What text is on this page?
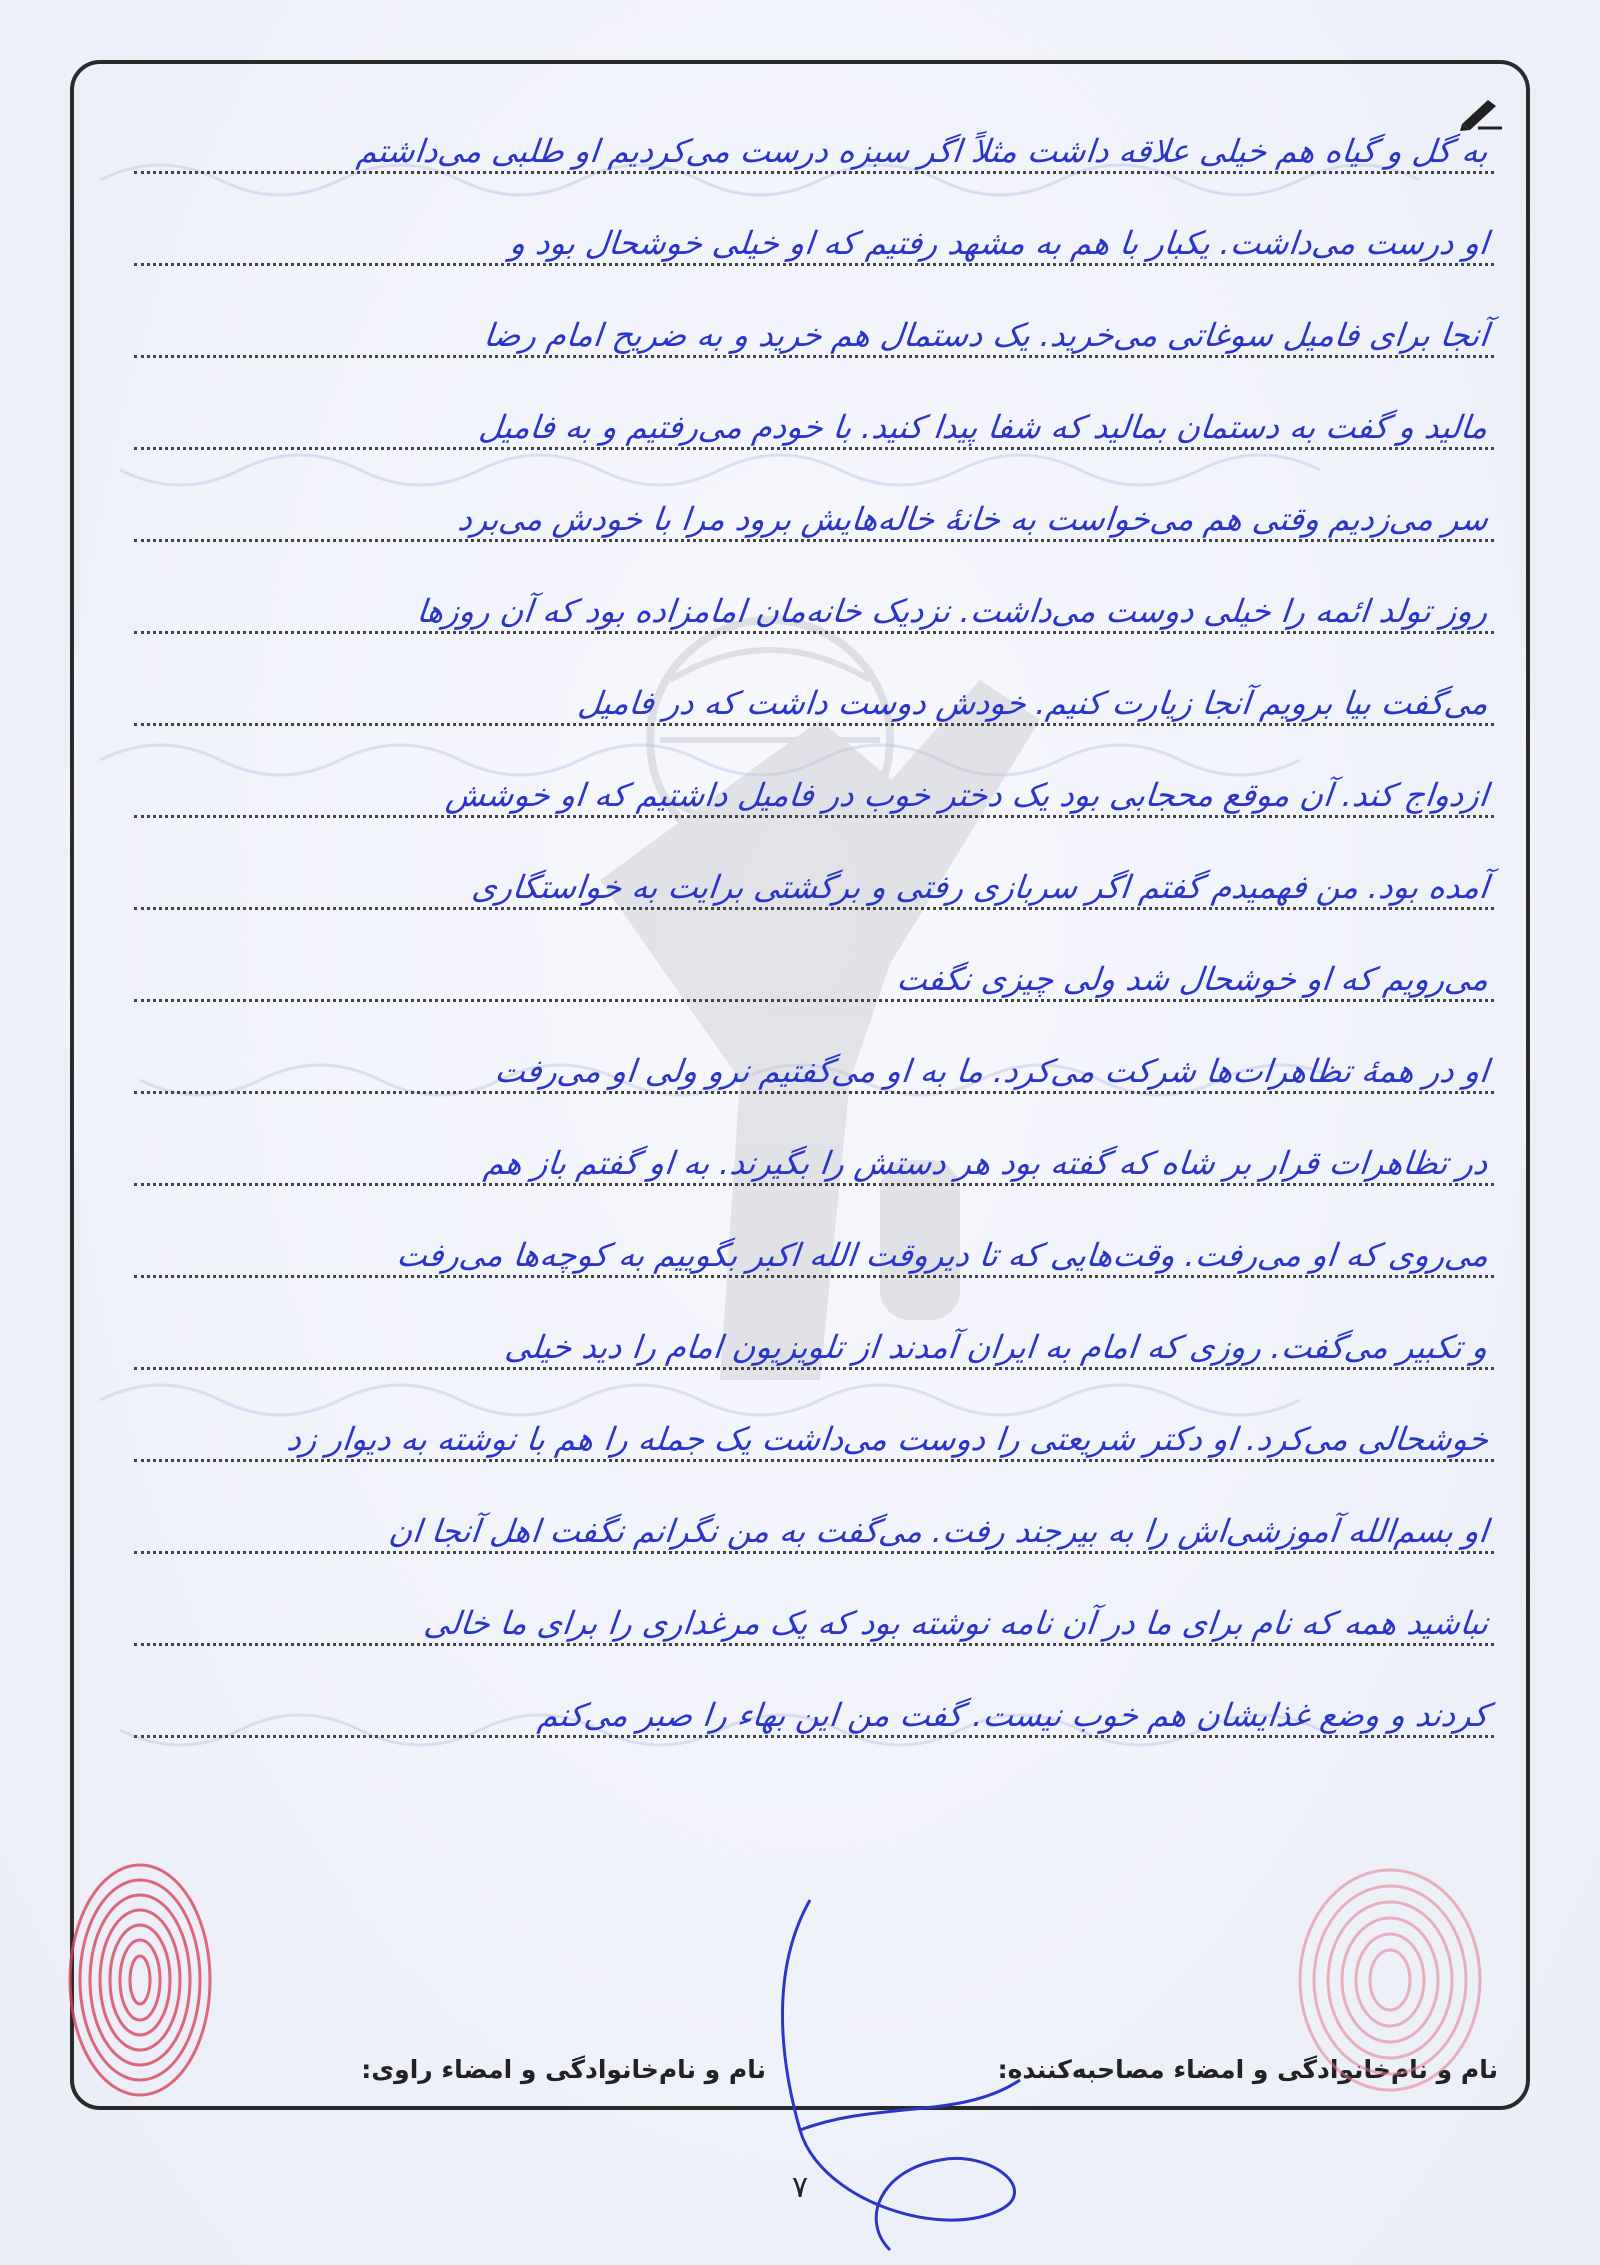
به گل و گیاه هم خیلی علاقه داشت مثلاً اگر سبزه درست می‌کردیم او طلبی می‌داشتم
او درست می‌داشت. یکبار با هم به مشهد رفتیم که او خیلی خوشحال بود و
آنجا برای فامیل سوغاتی می‌خرید. یک دستمال هم خرید و به ضریح امام رضا
مالید و گفت به دستمان بمالید که شفا پیدا کنید. با خودم می‌رفتیم و به فامیل
سر می‌زدیم وقتی هم می‌خواست به خانهٔ خاله‌هایش برود مرا با خودش می‌برد
روز تولد ائمه را خیلی دوست می‌داشت. نزدیک خانه‌مان امامزاده بود که آن روزها
می‌گفت بیا برویم آنجا زیارت کنیم. خودش دوست داشت که در فامیل
ازدواج کند. آن موقع محجابی بود یک دختر خوب در فامیل داشتیم که او خوشش
آمده بود. من فهمیدم گفتم اگر سربازی رفتی و برگشتی برایت به خواستگاری
می‌رویم که او خوشحال شد ولی چیزی نگفت
او در همهٔ تظاهرات‌ها شرکت می‌کرد. ما به او می‌گفتیم نرو ولی او می‌رفت
در تظاهرات قرار بر شاه که گفته بود هر دستش را بگیرند. به او گفتم باز هم
می‌روی که او می‌رفت. وقت‌هایی که تا دیروقت الله اکبر بگوییم به کوچه‌ها می‌رفت
و تکبیر می‌گفت. روزی که امام به ایران آمدند از تلویزیون امام را دید خیلی
خوشحالی می‌کرد. او دکتر شریعتی را دوست می‌داشت یک جمله را هم با نوشته به دیوار زد
او بسم‌الله آموزشی‌اش را به بیرجند رفت. می‌گفت به من نگرانم نگفت اهل آنجا ان
نباشید همه که نام برای ما در آن نامه نوشته بود که یک مرغداری را برای ما خالی
کردند و وضع غذایشان هم خوب نیست. گفت من این بهاء را صبر می‌کنم
نام و نام‌خانوادگی و امضاء مصاحبه‌کننده:
نام و نام‌خانوادگی و امضاء راوی:
۷
